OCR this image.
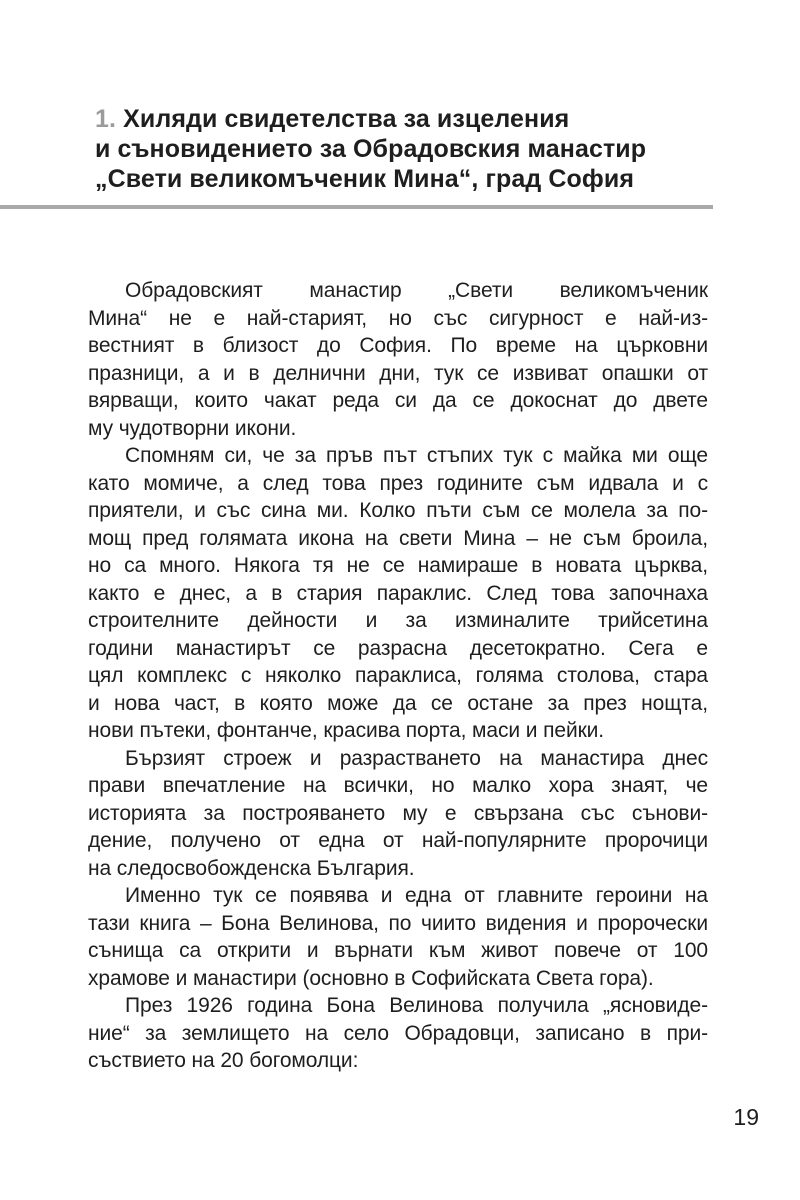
1. Хиляди свидетелства за изцеления
и съновидението за Обрадовския манастир
„Свети великомъченик Мина“, град София
Обрадовският манастир „Свети великомъченик
Мина“ не е най-старият, но със сигурност е най-из-
вестният в близост до София. По време на църковни
празници, а и в делнични дни, тук се извиват опашки от
вярващи, които чакат реда си да се докоснат до двете
му чудотворни икони.
Спомням си, че за пръв път стъпих тук с майка ми още
като момиче, а след това през годините съм идвала и с
приятели, и със сина ми. Колко пъти съм се молела за по-
мощ пред голямата икона на свети Мина – не съм броила,
но са много. Някога тя не се намираше в новата църква,
както е днес, а в стария параклис. След това започнаха
строителните дейности и за изминалите трийсетина
години манастирът се разрасна десетократно. Сега е
цял комплекс с няколко параклиса, голяма столова, стара
и нова част, в която може да се остане за през нощта,
нови пътеки, фонтанче, красива порта, маси и пейки.
Бързият строеж и разрастването на манастира днес
прави впечатление на всички, но малко хора знаят, че
историята за построяването му е свързана със сънови-
дение, получено от една от най-популярните пророчици
на следосвобожденска България.
Именно тук се появява и една от главните героини на
тази книга – Бона Велинова, по чиито видения и пророчески
сънища са открити и върнати към живот повече от 100
храмове и манастири (основно в Софийската Света гора).
През 1926 година Бона Велинова получила „ясновиде-
ние“ за землището на село Обрадовци, записано в при-
съствието на 20 богомолци:
19
